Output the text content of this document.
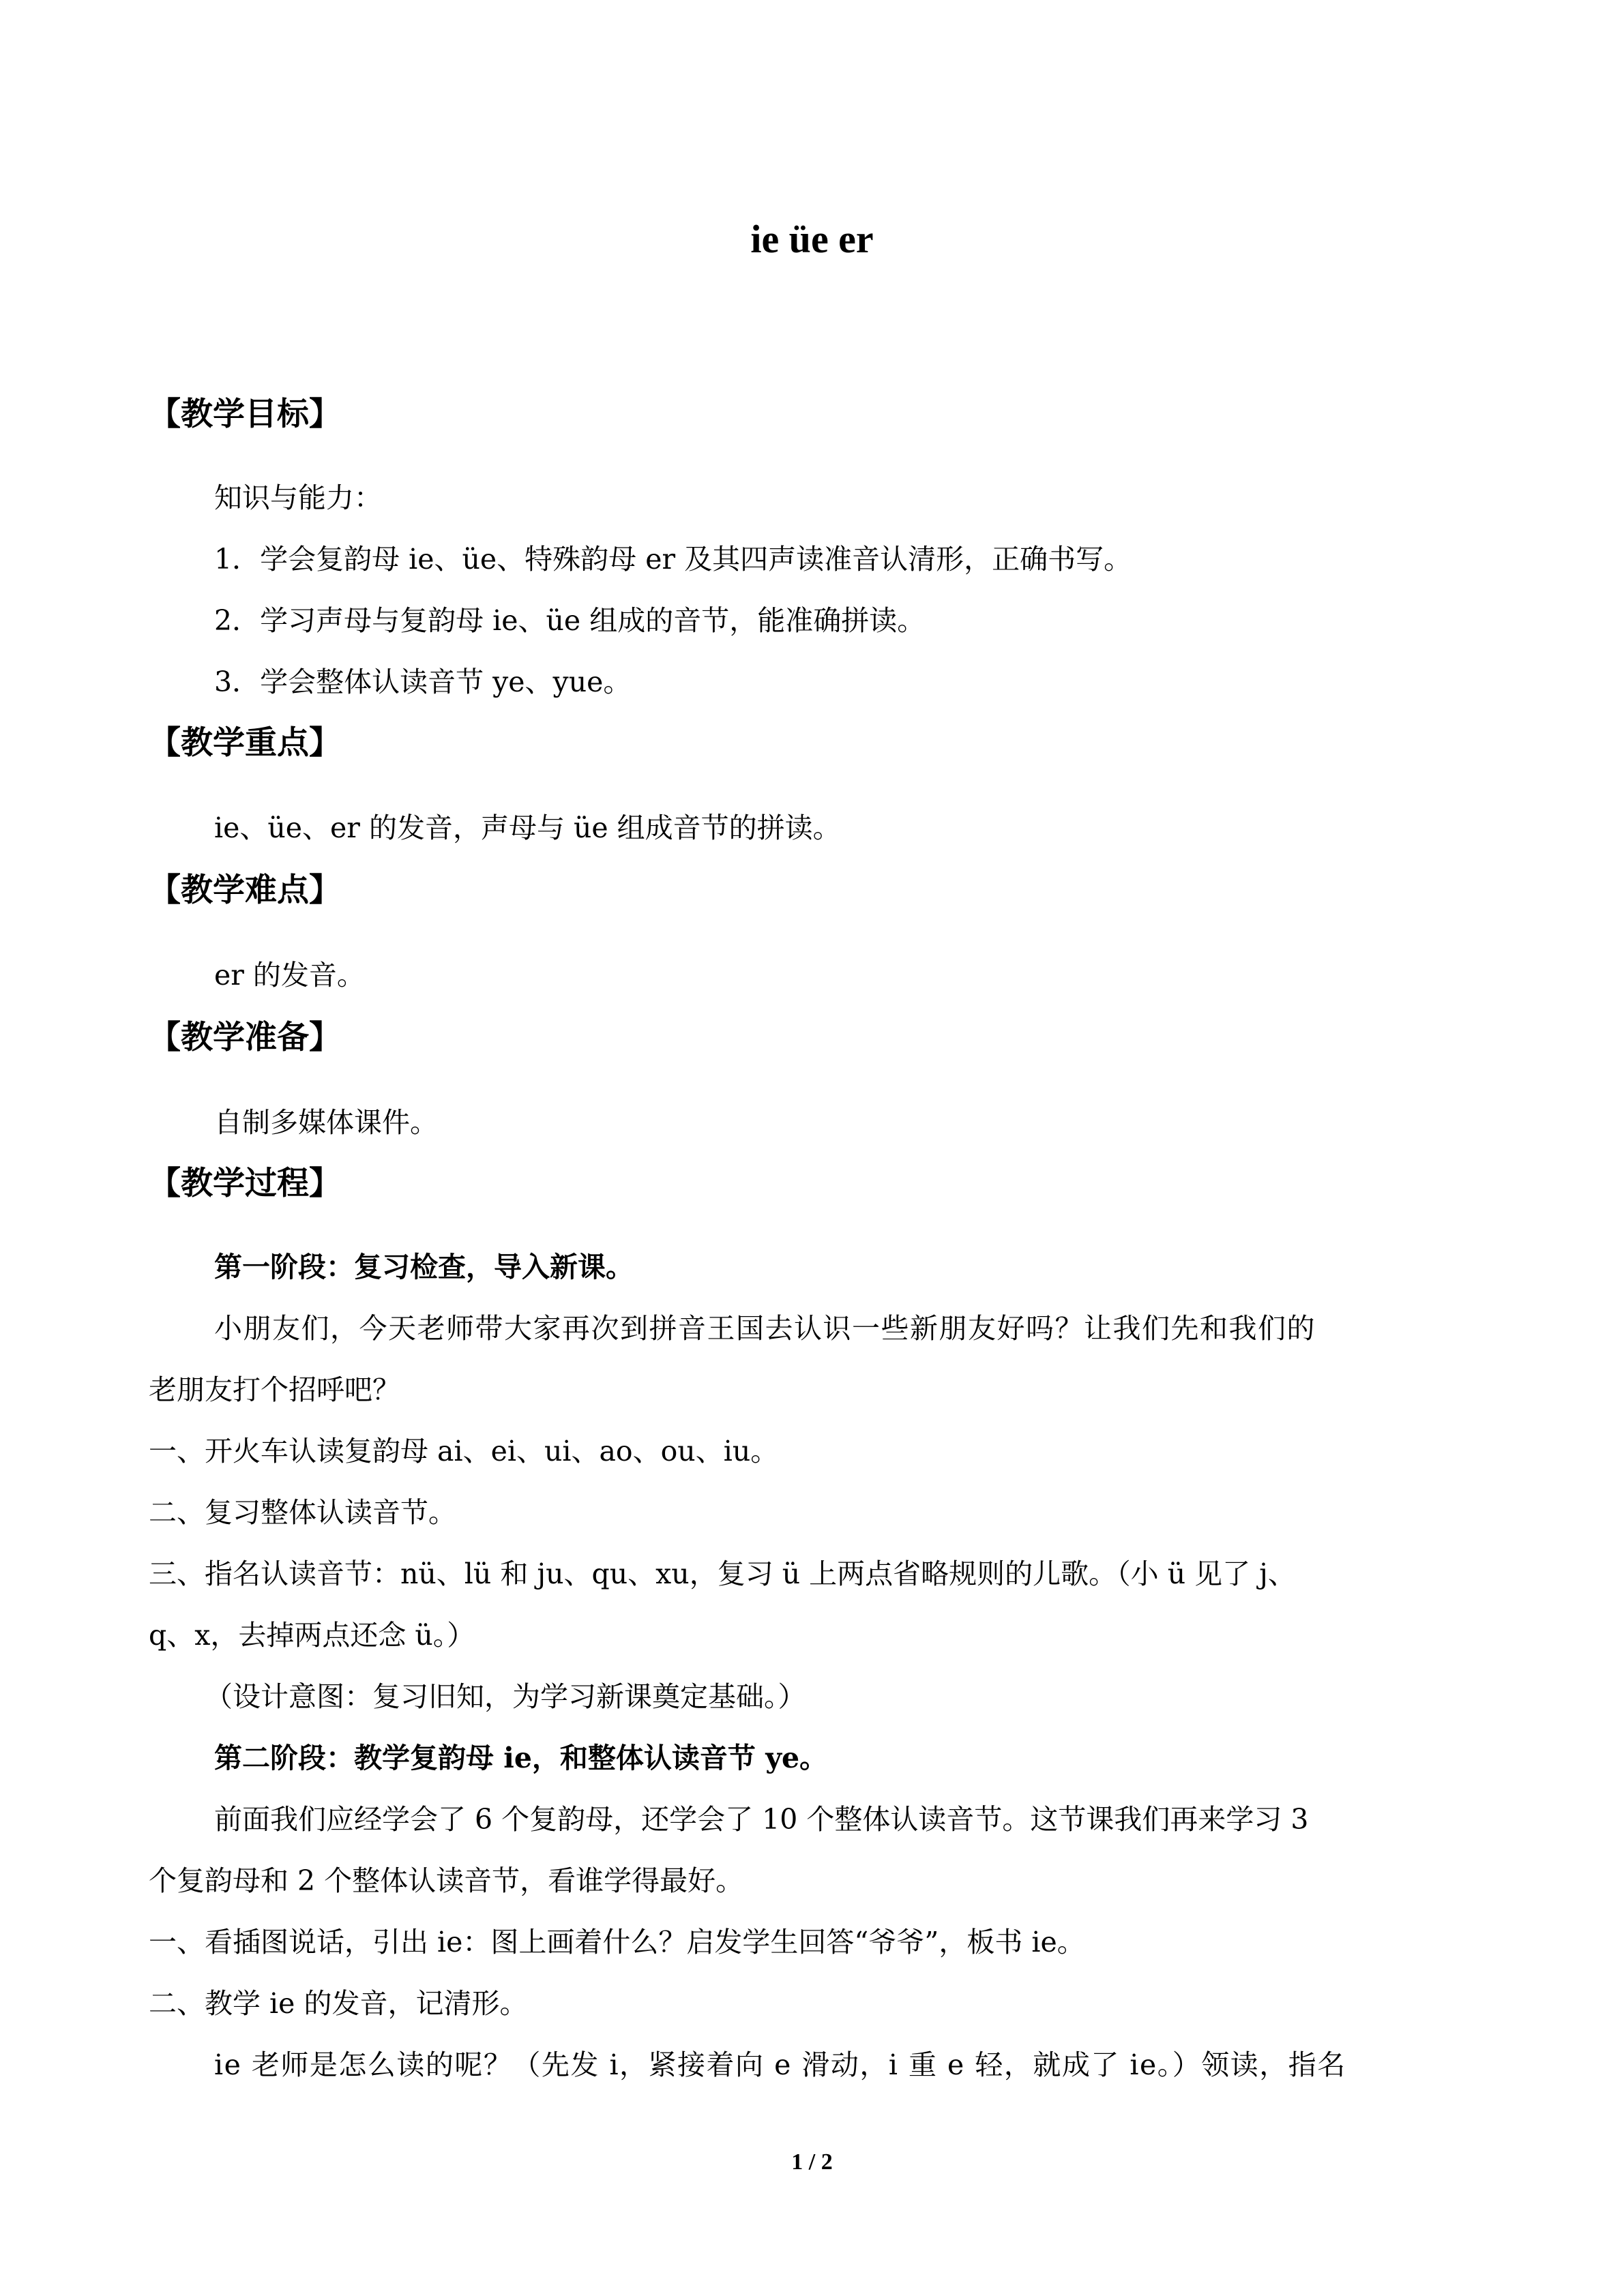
ie üe er
【教学目标】
知识与能力：
1．学会复韵母 ie、üe、特殊韵母 er 及其四声读准音认清形，正确书写。
2．学习声母与复韵母 ie、üe 组成的音节，能准确拼读。
3．学会整体认读音节 ye、yue。
【教学重点】
ie、üe、er 的发音，声母与 üe 组成音节的拼读。
【教学难点】
er 的发音。
【教学准备】
自制多媒体课件。
【教学过程】
第一阶段：复习检查，导入新课。
小朋友们，今天老师带大家再次到拼音王国去认识一些新朋友好吗？让我们先和我们的
老朋友打个招呼吧？
一、开火车认读复韵母 ai、ei、ui、ao、ou、iu。
二、复习整体认读音节。
三、指名认读音节：nü、lü 和 ju、qu、xu，复习 ü 上两点省略规则的儿歌。（小 ü 见了 j、
q、x，去掉两点还念 ü。）
（设计意图：复习旧知，为学习新课奠定基础。）
第二阶段：教学复韵母 ie，和整体认读音节 ye。
前面我们应经学会了 6 个复韵母，还学会了 10 个整体认读音节。这节课我们再来学习 3
个复韵母和 2 个整体认读音节，看谁学得最好。
一、看插图说话，引出 ie：图上画着什么？启发学生回答“爷爷”，板书 ie。
二、教学 ie 的发音，记清形。
ie 老师是怎么读的呢？（先发 i，紧接着向 e 滑动，i 重 e 轻，就成了 ie。）领读，指名
1 / 2
